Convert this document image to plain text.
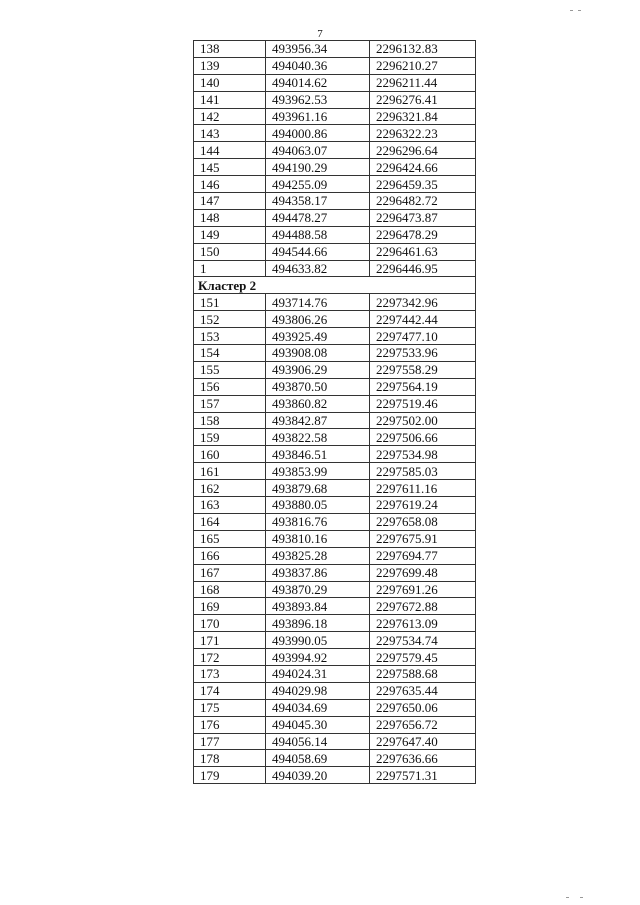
7
138	493956.34	2296132.83
139	494040.36	2296210.27
140	494014.62	2296211.44
141	493962.53	2296276.41
142	493961.16	2296321.84
143	494000.86	2296322.23
144	494063.07	2296296.64
145	494190.29	2296424.66
146	494255.09	2296459.35
147	494358.17	2296482.72
148	494478.27	2296473.87
149	494488.58	2296478.29
150	494544.66	2296461.63
1	494633.82	2296446.95
Кластер 2		
151	493714.76	2297342.96
152	493806.26	2297442.44
153	493925.49	2297477.10
154	493908.08	2297533.96
155	493906.29	2297558.29
156	493870.50	2297564.19
157	493860.82	2297519.46
158	493842.87	2297502.00
159	493822.58	2297506.66
160	493846.51	2297534.98
161	493853.99	2297585.03
162	493879.68	2297611.16
163	493880.05	2297619.24
164	493816.76	2297658.08
165	493810.16	2297675.91
166	493825.28	2297694.77
167	493837.86	2297699.48
168	493870.29	2297691.26
169	493893.84	2297672.88
170	493896.18	2297613.09
171	493990.05	2297534.74
172	493994.92	2297579.45
173	494024.31	2297588.68
174	494029.98	2297635.44
175	494034.69	2297650.06
176	494045.30	2297656.72
177	494056.14	2297647.40
178	494058.69	2297636.66
179	494039.20	2297571.31
